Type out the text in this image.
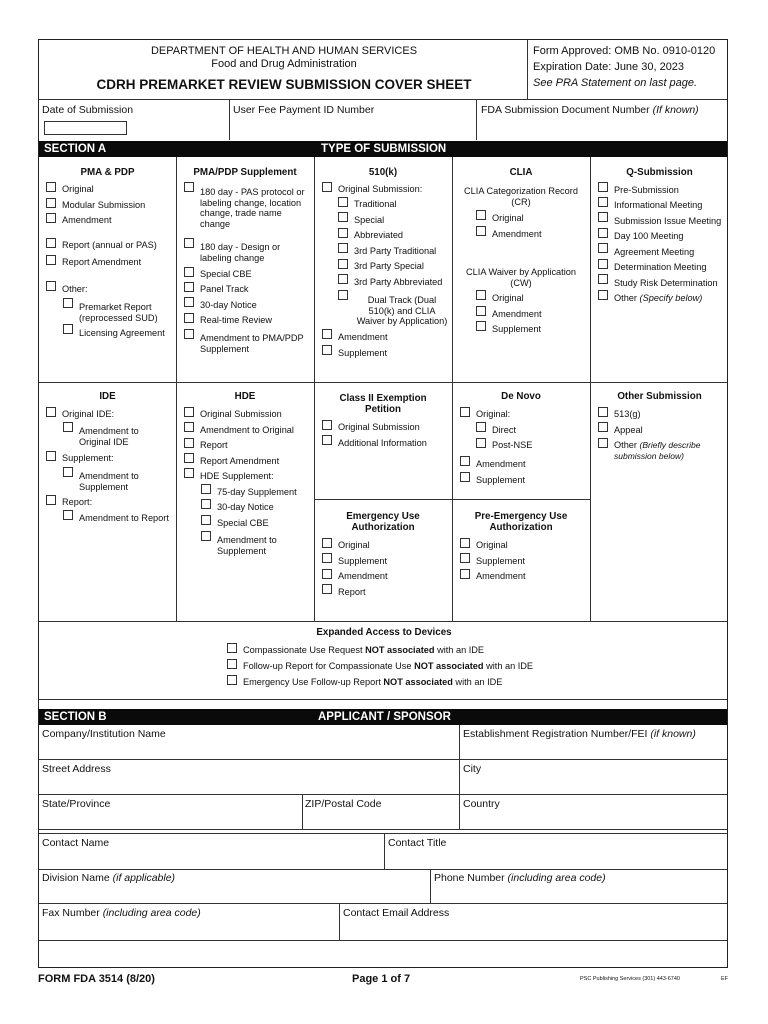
DEPARTMENT OF HEALTH AND HUMAN SERVICES
Food and Drug Administration
CDRH PREMARKET REVIEW SUBMISSION COVER SHEET
Form Approved: OMB No. 0910-0120
Expiration Date: June 30, 2023
See PRA Statement on last page.
Date of Submission	User Fee Payment ID Number	FDA Submission Document Number (If known)
SECTION A	TYPE OF SUBMISSION
PMA & PDP
Original
Modular Submission
Amendment
Report (annual or PAS)
Report Amendment
Other:
Premarket Report (reprocessed SUD)
Licensing Agreement
PMA/PDP Supplement
180 day - PAS protocol or labeling change, location change, trade name change
180 day - Design or labeling change
Special CBE
Panel Track
30-day Notice
Real-time Review
Amendment to PMA/PDP Supplement
510(k)
Original Submission:
Traditional
Special
Abbreviated
3rd Party Traditional
3rd Party Special
3rd Party Abbreviated
Dual Track (Dual 510(k) and CLIA Waiver by Application)
Amendment
Supplement
CLIA
CLIA Categorization Record (CR)
Original
Amendment
CLIA Waiver by Application (CW)
Original
Amendment
Supplement
Q-Submission
Pre-Submission
Informational Meeting
Submission Issue Meeting
Day 100 Meeting
Agreement Meeting
Determination Meeting
Study Risk Determination
Other (Specify below)
IDE
Original IDE:
Amendment to Original IDE
Supplement:
Amendment to Supplement
Report:
Amendment to Report
HDE
Original Submission
Amendment to Original
Report
Report Amendment
HDE Supplement:
75-day Supplement
30-day Notice
Special CBE
Amendment to Supplement
Class II Exemption Petition
Original Submission
Additional Information
De Novo
Original:
Direct
Post-NSE
Amendment
Supplement
Other Submission
513(g)
Appeal
Other (Briefly describe submission below)
Emergency Use Authorization
Original
Supplement
Amendment
Report
Pre-Emergency Use Authorization
Original
Supplement
Amendment
Expanded Access to Devices
Compassionate Use Request NOT associated with an IDE
Follow-up Report for Compassionate Use NOT associated with an IDE
Emergency Use Follow-up Report NOT associated with an IDE
SECTION B	APPLICANT / SPONSOR
Company/Institution Name	Establishment Registration Number/FEI (if known)
Street Address	City
State/Province	ZIP/Postal Code	Country
Contact Name	Contact Title
Division Name (if applicable)	Phone Number (including area code)
Fax Number (including area code)	Contact Email Address
FORM FDA 3514 (8/20)	Page 1 of 7	PSC Publishing Services (301) 443-6740	EF
